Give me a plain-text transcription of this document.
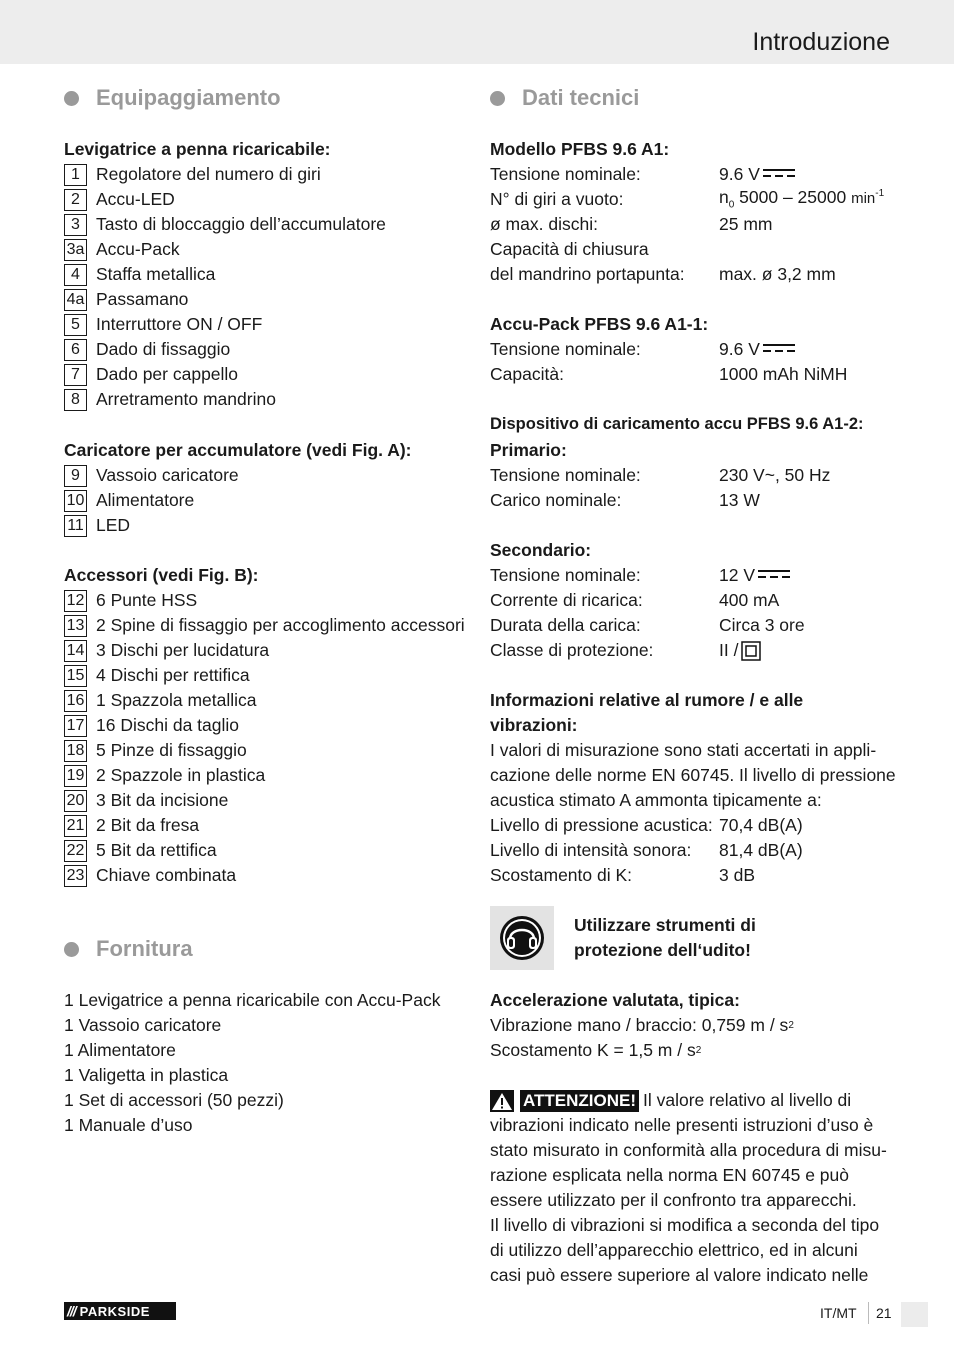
Introduzione
Equipaggiamento
Levigatrice a penna ricaricabile:
1 Regolatore del numero di giri
2 Accu-LED
3 Tasto di bloccaggio dell’accumulatore
3a Accu-Pack
4 Staffa metallica
4a Passamano
5 Interruttore ON / OFF
6 Dado di fissaggio
7 Dado per cappello
8 Arretramento mandrino
Caricatore per accumulatore (vedi Fig. A):
9 Vassoio caricatore
10 Alimentatore
11 LED
Accessori (vedi Fig. B):
12 6 Punte HSS
13 2 Spine di fissaggio per accoglimento accessori
14 3 Dischi per lucidatura
15 4 Dischi per rettifica
16 1 Spazzola metallica
17 16 Dischi da taglio
18 5 Pinze di fissaggio
19 2 Spazzole in plastica
20 3 Bit da incisione
21 2 Bit da fresa
22 5 Bit da rettifica
23 Chiave combinata
Fornitura
1 Levigatrice a penna ricaricabile con Accu-Pack
1 Vassoio caricatore
1 Alimentatore
1 Valigetta in plastica
1 Set di accessori (50 pezzi)
1 Manuale d’uso
Dati tecnici
Modello PFBS 9.6 A1:
Tensione nominale:	9.6 V
N° di giri a vuoto:	$n_0$ 5000 – 25000 $\min^{-1}$
ø max. dischi:	25 mm
Capacità di chiusura
del mandrino portapunta:	max. ø 3,2 mm
Accu-Pack PFBS 9.6 A1-1:
Tensione nominale:	9.6 V
Capacità:	1000 mAh NiMH
Dispositivo di caricamento accu PFBS 9.6 A1-2:
Primario:
Tensione nominale:	230 V~, 50 Hz
Carico nominale:	13 W
Secondario:
Tensione nominale:	12 V
Corrente di ricarica:	400 mA
Durata della carica:	Circa 3 ore
Classe di protezione:	II /
Informazioni relative al rumore / e alle
vibrazioni:
I valori di misurazione sono stati accertati in appli-
cazione delle norme EN 60745. Il livello di pressione
acustica stimato A ammonta tipicamente a:
Livello di pressione acustica: 70,4 dB(A)
Livello di intensità sonora:	81,4 dB(A)
Scostamento di K:	3 dB
Utilizzare strumenti di
protezione dell‘udito!
Accelerazione valutata, tipica:
Vibrazione mano / braccio: 0,759 m / s 2
Scostamento K = 1,5 m / s 2
ATTENZIONE! Il valore relativo al livello di
vibrazioni indicato nelle presenti istruzioni d’uso è
stato misurato in conformità alla procedura di misu-
razione esplicata nella norma EN 60745 e può
essere utilizzato per il confronto tra apparecchi.
Il livello di vibrazioni si modifica a seconda del tipo
di utilizzo dell’apparecchio elettrico, ed in alcuni
casi può essere superiore al valore indicato nelle
/// PARKSIDE	IT/MT 21
